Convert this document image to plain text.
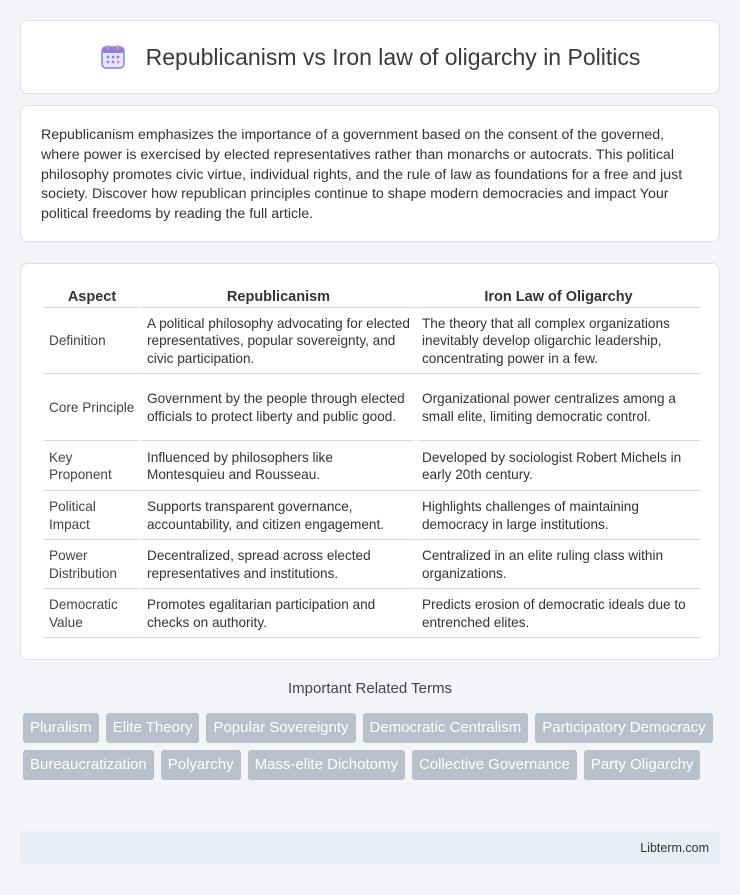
Republicanism vs Iron law of oligarchy in Politics

Republicanism emphasizes the importance of a government based on the consent of the governed, where power is exercised by elected representatives rather than monarchs or autocrats. This political philosophy promotes civic virtue, individual rights, and the rule of law as foundations for a free and just society. Discover how republican principles continue to shape modern democracies and impact Your political freedoms by reading the full article.

Aspect	Republicanism	Iron Law of Oligarchy
Definition	A political philosophy advocating for elected representatives, popular sovereignty, and civic participation.	The theory that all complex organizations inevitably develop oligarchic leadership, concentrating power in a few.
Core Principle	Government by the people through elected officials to protect liberty and public good.	Organizational power centralizes among a small elite, limiting democratic control.
Key Proponent	Influenced by philosophers like Montesquieu and Rousseau.	Developed by sociologist Robert Michels in early 20th century.
Political Impact	Supports transparent governance, accountability, and citizen engagement.	Highlights challenges of maintaining democracy in large institutions.
Power Distribution	Decentralized, spread across elected representatives and institutions.	Centralized in an elite ruling class within organizations.
Democratic Value	Promotes egalitarian participation and checks on authority.	Predicts erosion of democratic ideals due to entrenched elites.
Important Related Terms
Pluralism	Elite Theory	Popular Sovereignty	Democratic Centralism	Participatory Democracy
Bureaucratization	Polyarchy	Mass-elite Dichotomy	Collective Governance	Party Oligarchy
Libterm.com
